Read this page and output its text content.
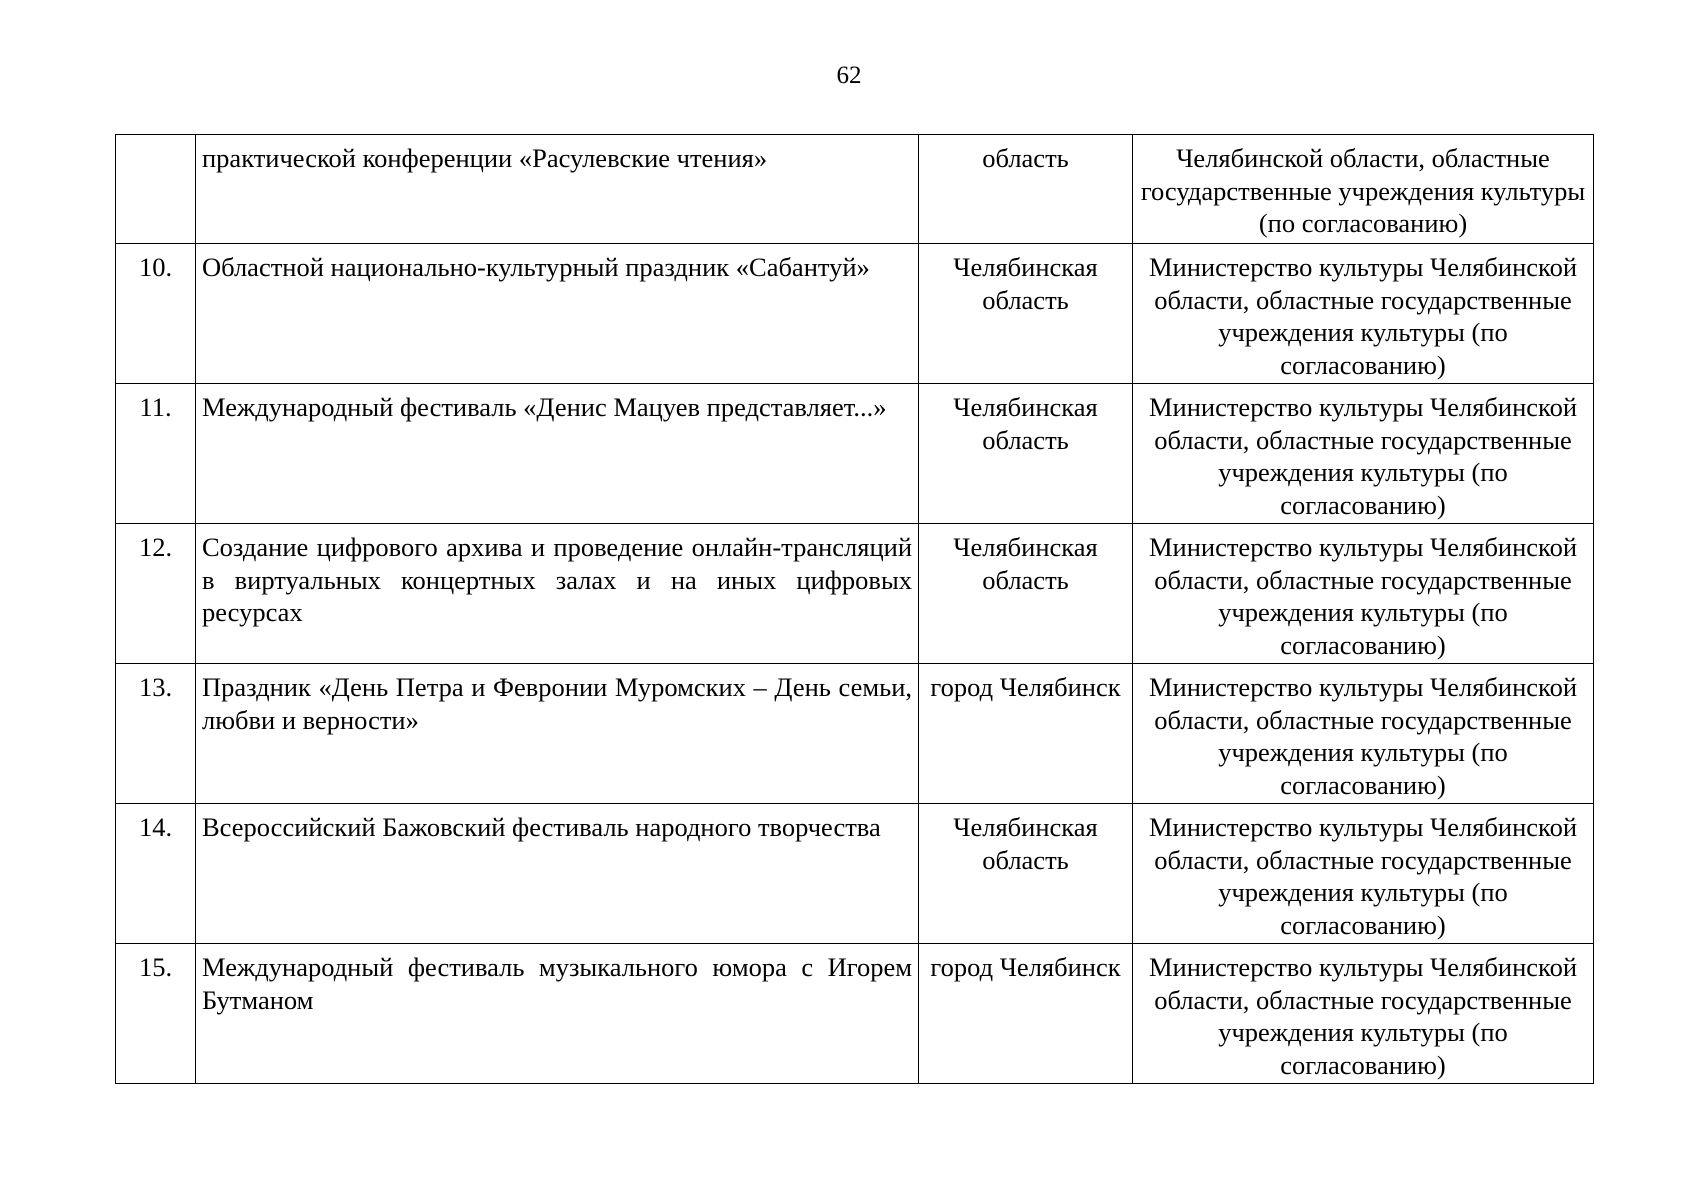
62
	практической конференции «Расулевские чтения»	область	Челябинской области, областные государственные учреждения культуры (по согласованию)
10.	Областной национально-культурный праздник «Сабантуй»	Челябинская область	Министерство культуры Челябинской области, областные государственные учреждения культуры (по согласованию)
11.	Международный фестиваль «Денис Мацуев представляет...»	Челябинская область	Министерство культуры Челябинской области, областные государственные учреждения культуры (по согласованию)
12.	Создание цифрового архива и проведение онлайн-трансляций в виртуальных концертных залах и на иных цифровых ресурсах	Челябинская область	Министерство культуры Челябинской области, областные государственные учреждения культуры (по согласованию)
13.	Праздник «День Петра и Февронии Муромских – День семьи, любви и верности»	город Челябинск	Министерство культуры Челябинской области, областные государственные учреждения культуры (по согласованию)
14.	Всероссийский Бажовский фестиваль народного творчества	Челябинская область	Министерство культуры Челябинской области, областные государственные учреждения культуры (по согласованию)
15.	Международный фестиваль музыкального юмора с Игорем Бутманом	город Челябинск	Министерство культуры Челябинской области, областные государственные учреждения культуры (по согласованию)
